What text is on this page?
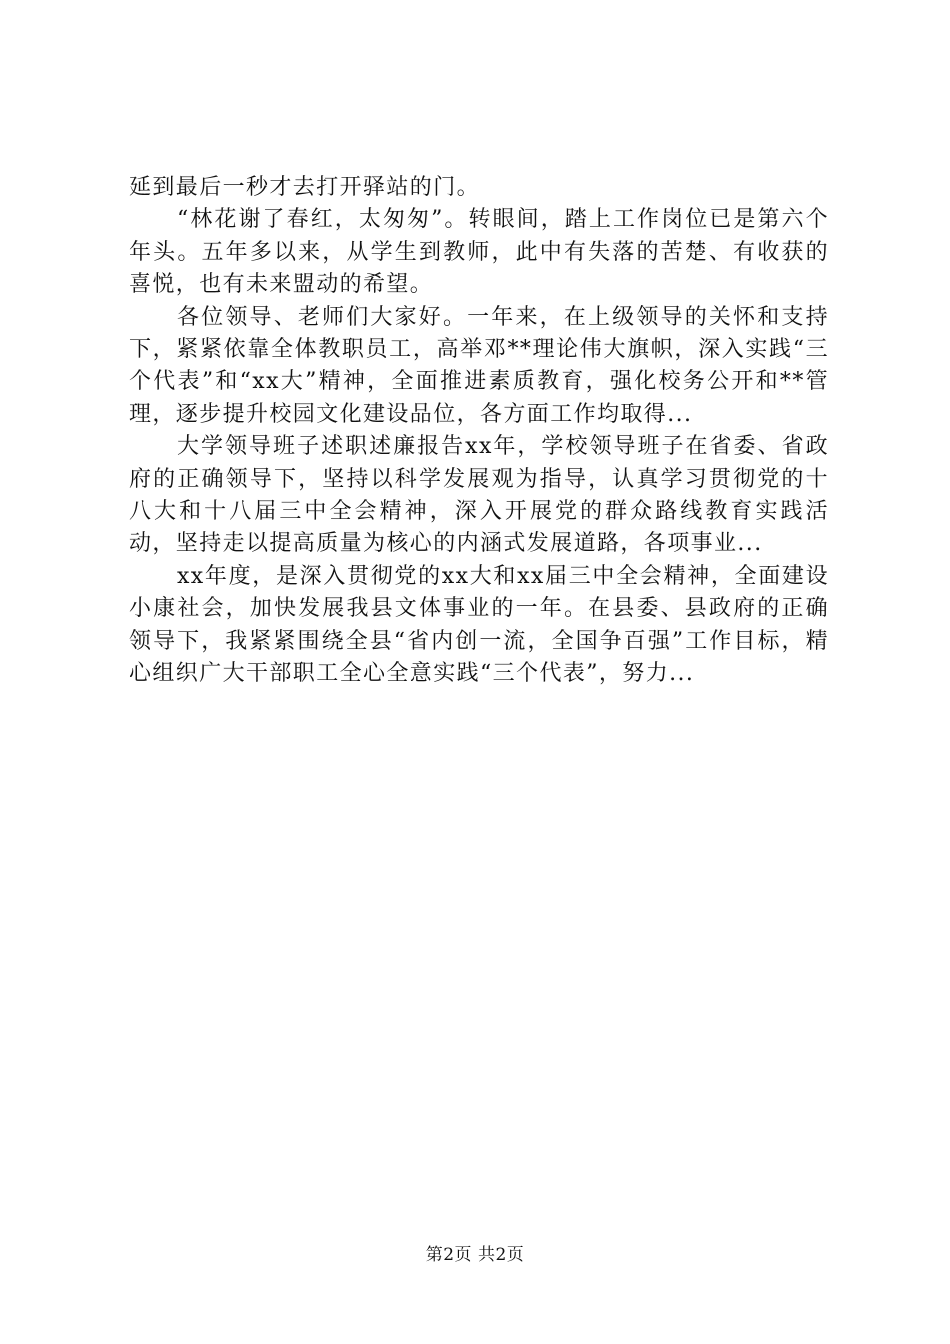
延到最后一秒才去打开驿站的门。

“林花谢了春红，太匆匆”。转眼间，踏上工作岗位已是第六个年头。五年多以来，从学生到教师，此中有失落的苦楚、有收获的喜悦，也有未来盟动的希望。

各位领导、老师们大家好。一年来，在上级领导的关怀和支持下，紧紧依靠全体教职员工，高举邓**理论伟大旗帜，深入实践“三个代表”和“xx大”精神，全面推进素质教育，强化校务公开和**管理，逐步提升校园文化建设品位，各方面工作均取得...

大学领导班子述职述廉报告xx年，学校领导班子在省委、省政府的正确领导下，坚持以科学发展观为指导，认真学习贯彻党的十八大和十八届三中全会精神，深入开展党的群众路线教育实践活动，坚持走以提高质量为核心的内涵式发展道路，各项事业...

xx年度，是深入贯彻党的xx大和xx届三中全会精神，全面建设小康社会，加快发展我县文体事业的一年。在县委、县政府的正确领导下，我紧紧围绕全县“省内创一流，全国争百强”工作目标，精心组织广大干部职工全心全意实践“三个代表”，努力...

第2页 共2页
